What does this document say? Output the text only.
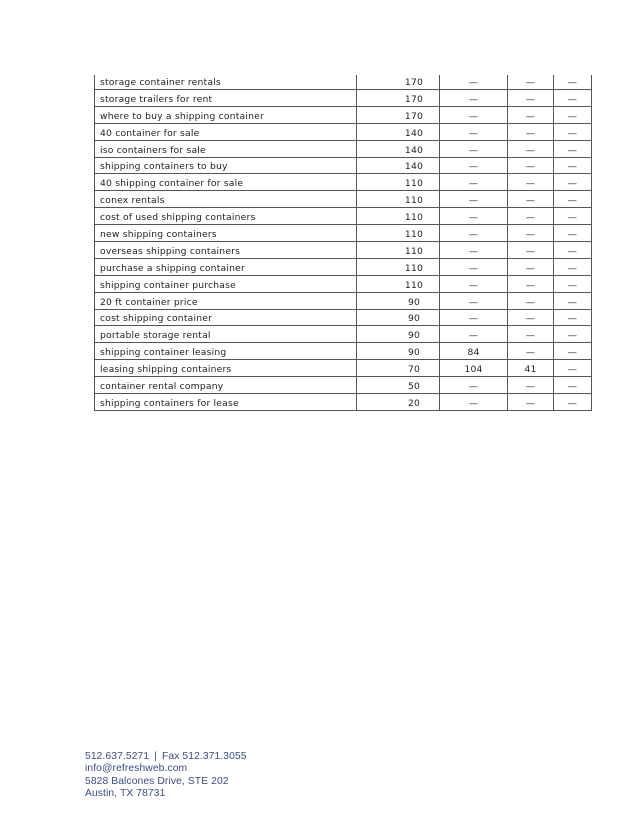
storage container rentals	170	—	—	—
storage trailers for rent	170	—	—	—
where to buy a shipping container	170	—	—	—
40 container for sale	140	—	—	—
iso containers for sale	140	—	—	—
shipping containers to buy	140	—	—	—
40 shipping container for sale	110	—	—	—
conex rentals	110	—	—	—
cost of used shipping containers	110	—	—	—
new shipping containers	110	—	—	—
overseas shipping containers	110	—	—	—
purchase a shipping container	110	—	—	—
shipping container purchase	110	—	—	—
20 ft container price	90	—	—	—
cost shipping container	90	—	—	—
portable storage rental	90	—	—	—
shipping container leasing	90	84	—	—
leasing shipping containers	70	104	41	—
container rental company	50	—	—	—
shipping containers for lease	20	—	—	—
512.637.5271 | Fax 512.371.3055
info@refreshweb.com
5828 Balcones Drive, STE 202
Austin, TX 78731
